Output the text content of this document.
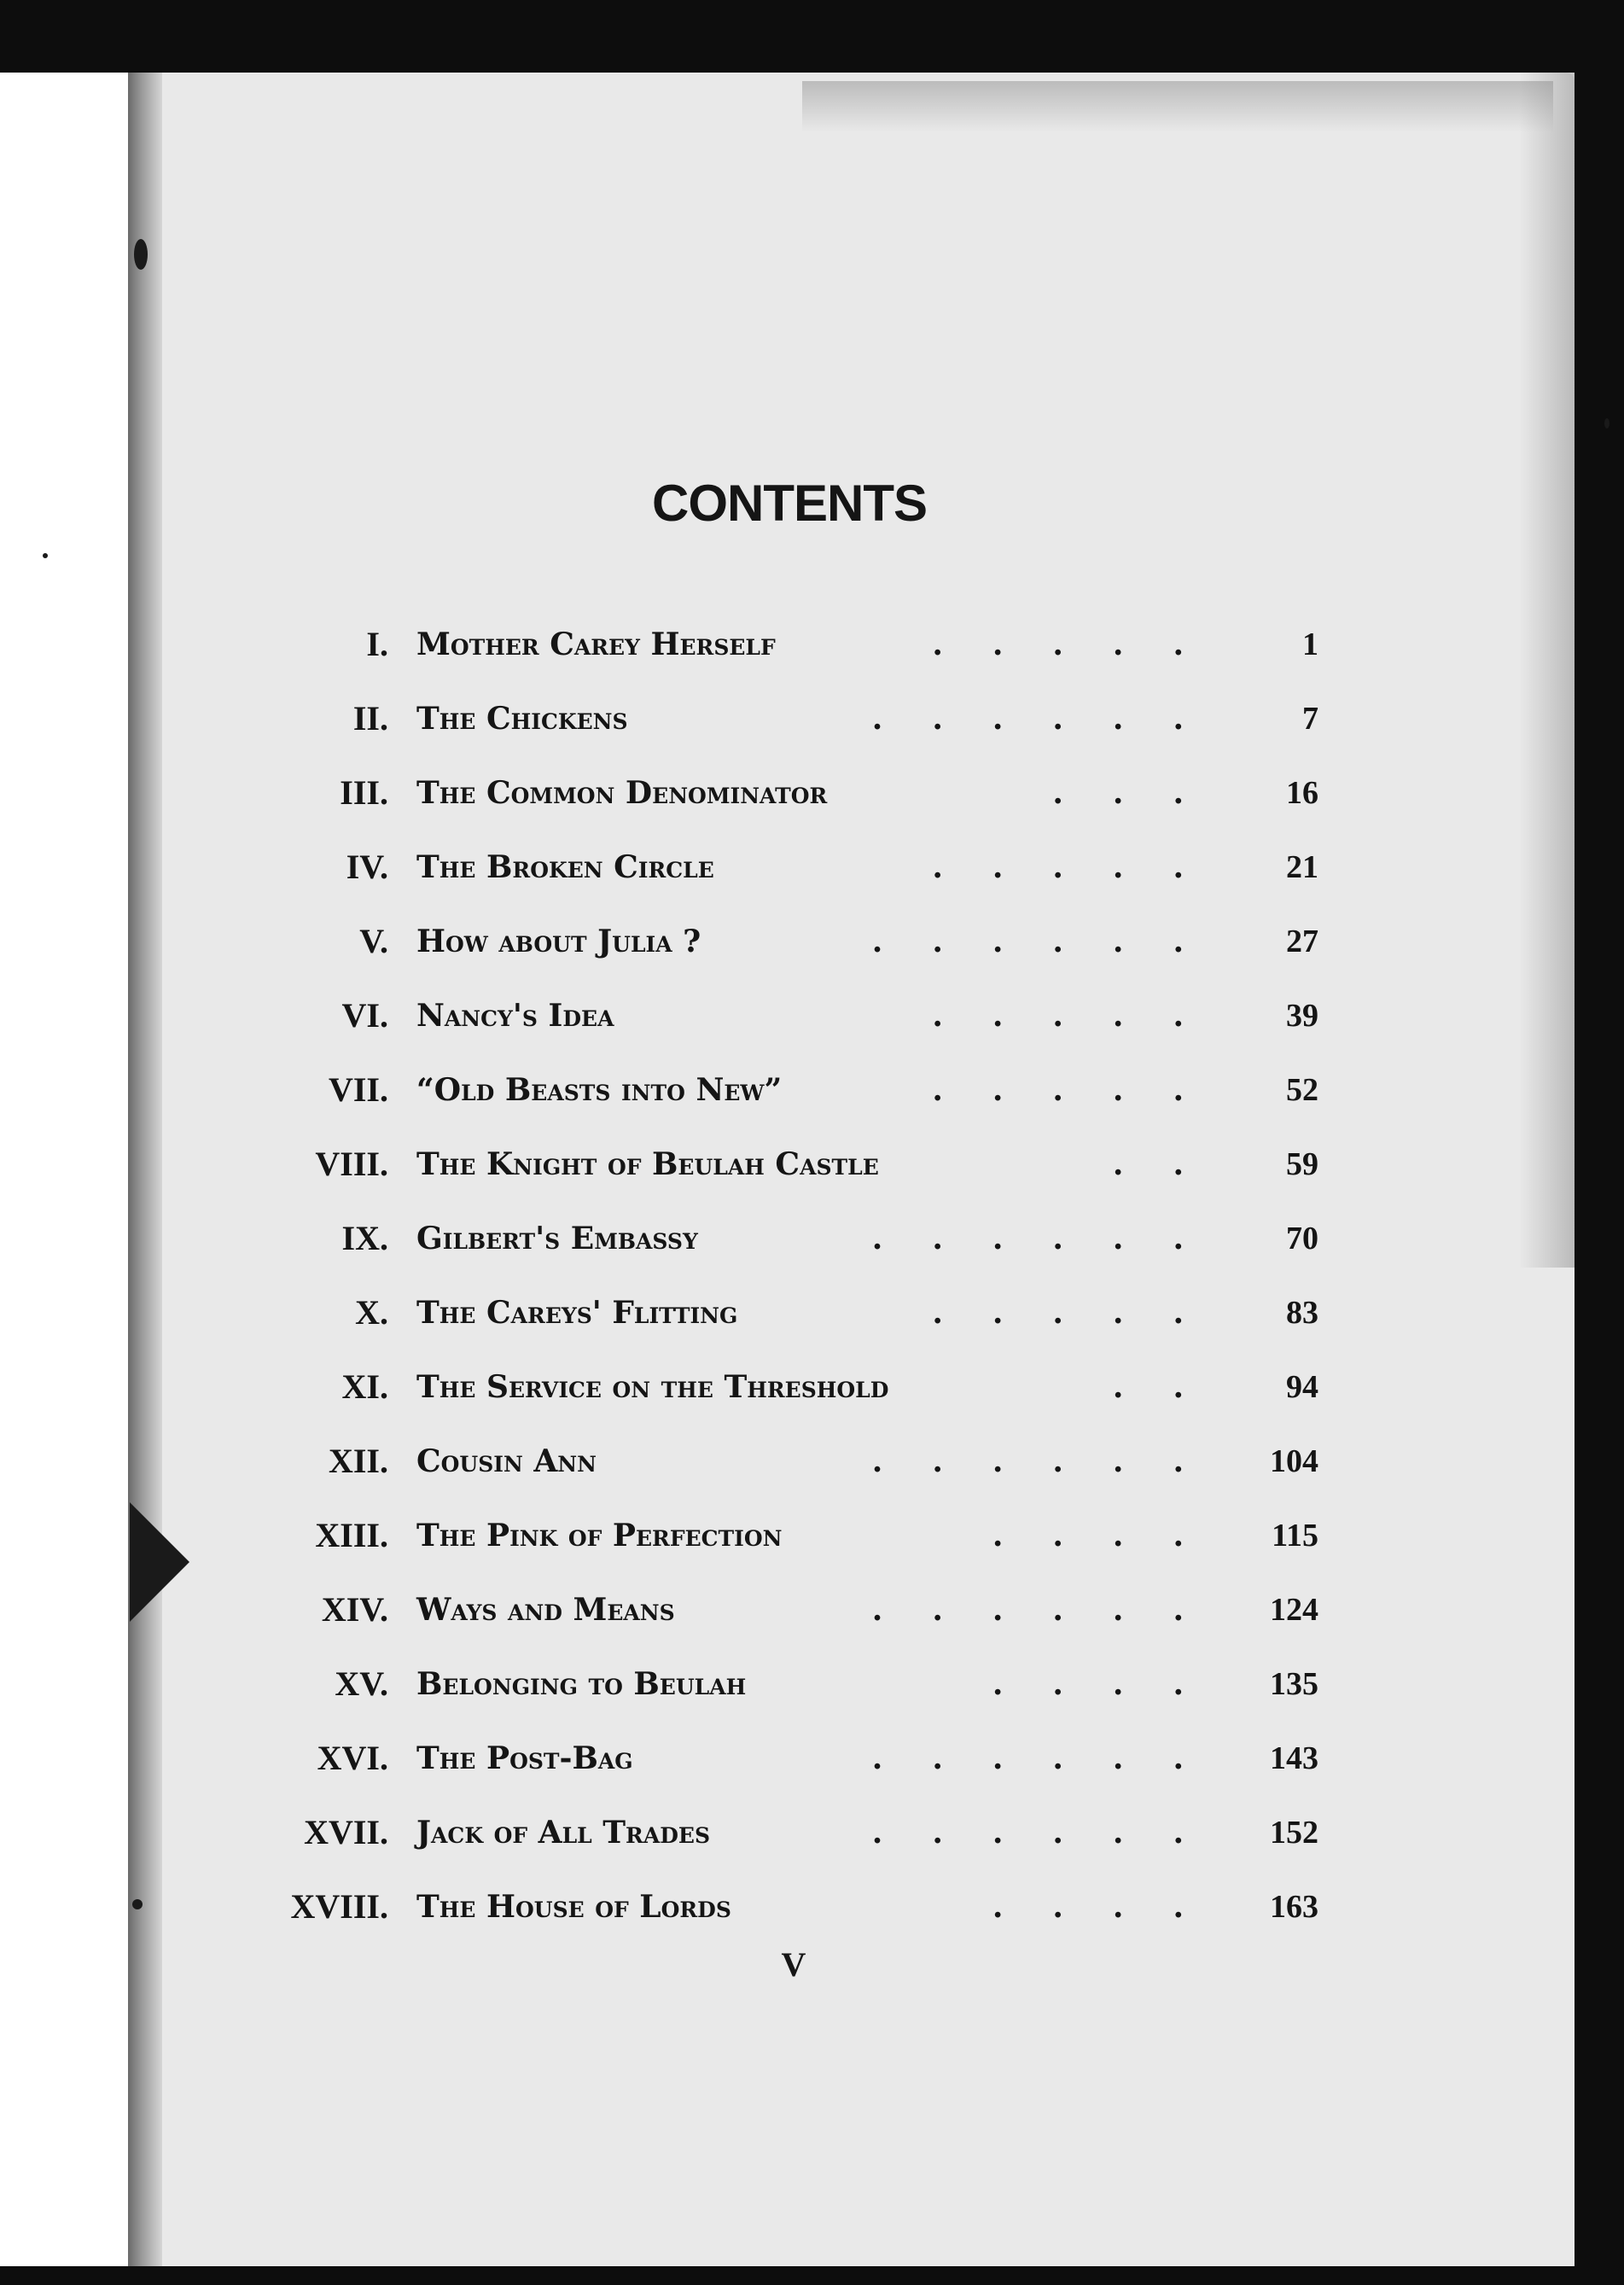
CONTENTS
I. Mother Carey Herself	.....	1
II. The Chickens	......	7
III. The Common Denominator	...	16
IV. The Broken Circle	.....	21
V. How about Julia ?	......	27
VI. Nancy's Idea	.....	39
VII. “Old Beasts into New”	.....	52
VIII. The Knight of Beulah Castle	..	59
IX. Gilbert's Embassy	......	70
X. The Careys' Flitting	.....	83
XI. The Service on the Threshold	..	94
XII. Cousin Ann	......	104
XIII. The Pink of Perfection	....	115
XIV. Ways and Means	......	124
XV. Belonging to Beulah	....	135
XVI. The Post-Bag	......	143
XVII. Jack of All Trades	......	152
XVIII. The House of Lords	....	163
V
